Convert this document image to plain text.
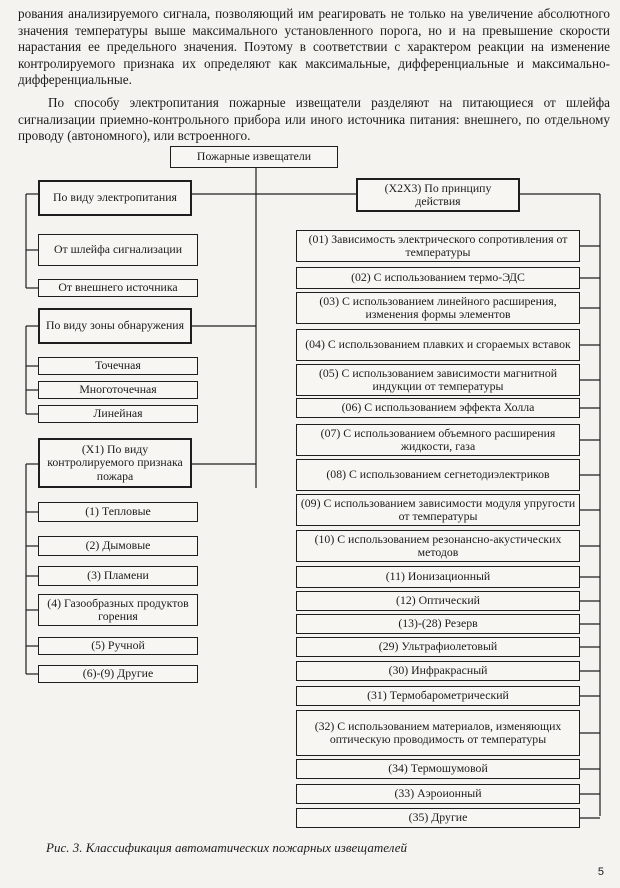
рования анализируемого сигнала, позволяющий им реагировать не только на увеличение абсолютного значения температуры выше максимального установленного порога, но и на превышение скорости нарастания ее предельного значения. Поэтому в соответствии с характером реакции на изменение контролируемого признака их определяют как максимальные, дифференциальные и максимально-дифференциальные.

По способу электропитания пожарные извещатели разделяют на питающиеся от шлейфа сигнализации приемно-контрольного прибора или иного источника питания: внешнего, по отдельному проводу (автономного), или встроенного.

Пожарные извещатели
По виду электропитания
От шлейфа сигнализации
От внешнего источника
По виду зоны обнаружения
Точечная
Многоточечная
Линейная
(X1) По виду контролируемого признака пожара
(1) Тепловые
(2) Дымовые
(3) Пламени
(4) Газообразных продуктов горения
(5) Ручной
(6)-(9) Другие
(X2X3) По принципу действия
(01) Зависимость электрического сопротивления от температуры
(02) С использованием термо-ЭДС
(03) С использованием линейного расширения, изменения формы элементов
(04) С использованием плавких и сгораемых вставок
(05) С использованием зависимости магнитной индукции от температуры
(06) С использованием эффекта Холла
(07) С использованием объемного расширения жидкости, газа
(08) С использованием сегнетодиэлектриков
(09) С использованием зависимости модуля упругости от температуры
(10) С использованием резонансно-акустических методов
(11) Ионизационный
(12) Оптический
(13)-(28) Резерв
(29) Ультрафиолетовый
(30) Инфракрасный
(31) Термобарометрический
(32) С использованием материалов, изменяющих оптическую проводимость от температуры
(34) Термошумовой
(33) Аэроионный
(35) Другие
Рис. 3. Классификация автоматических пожарных извещателей
5
